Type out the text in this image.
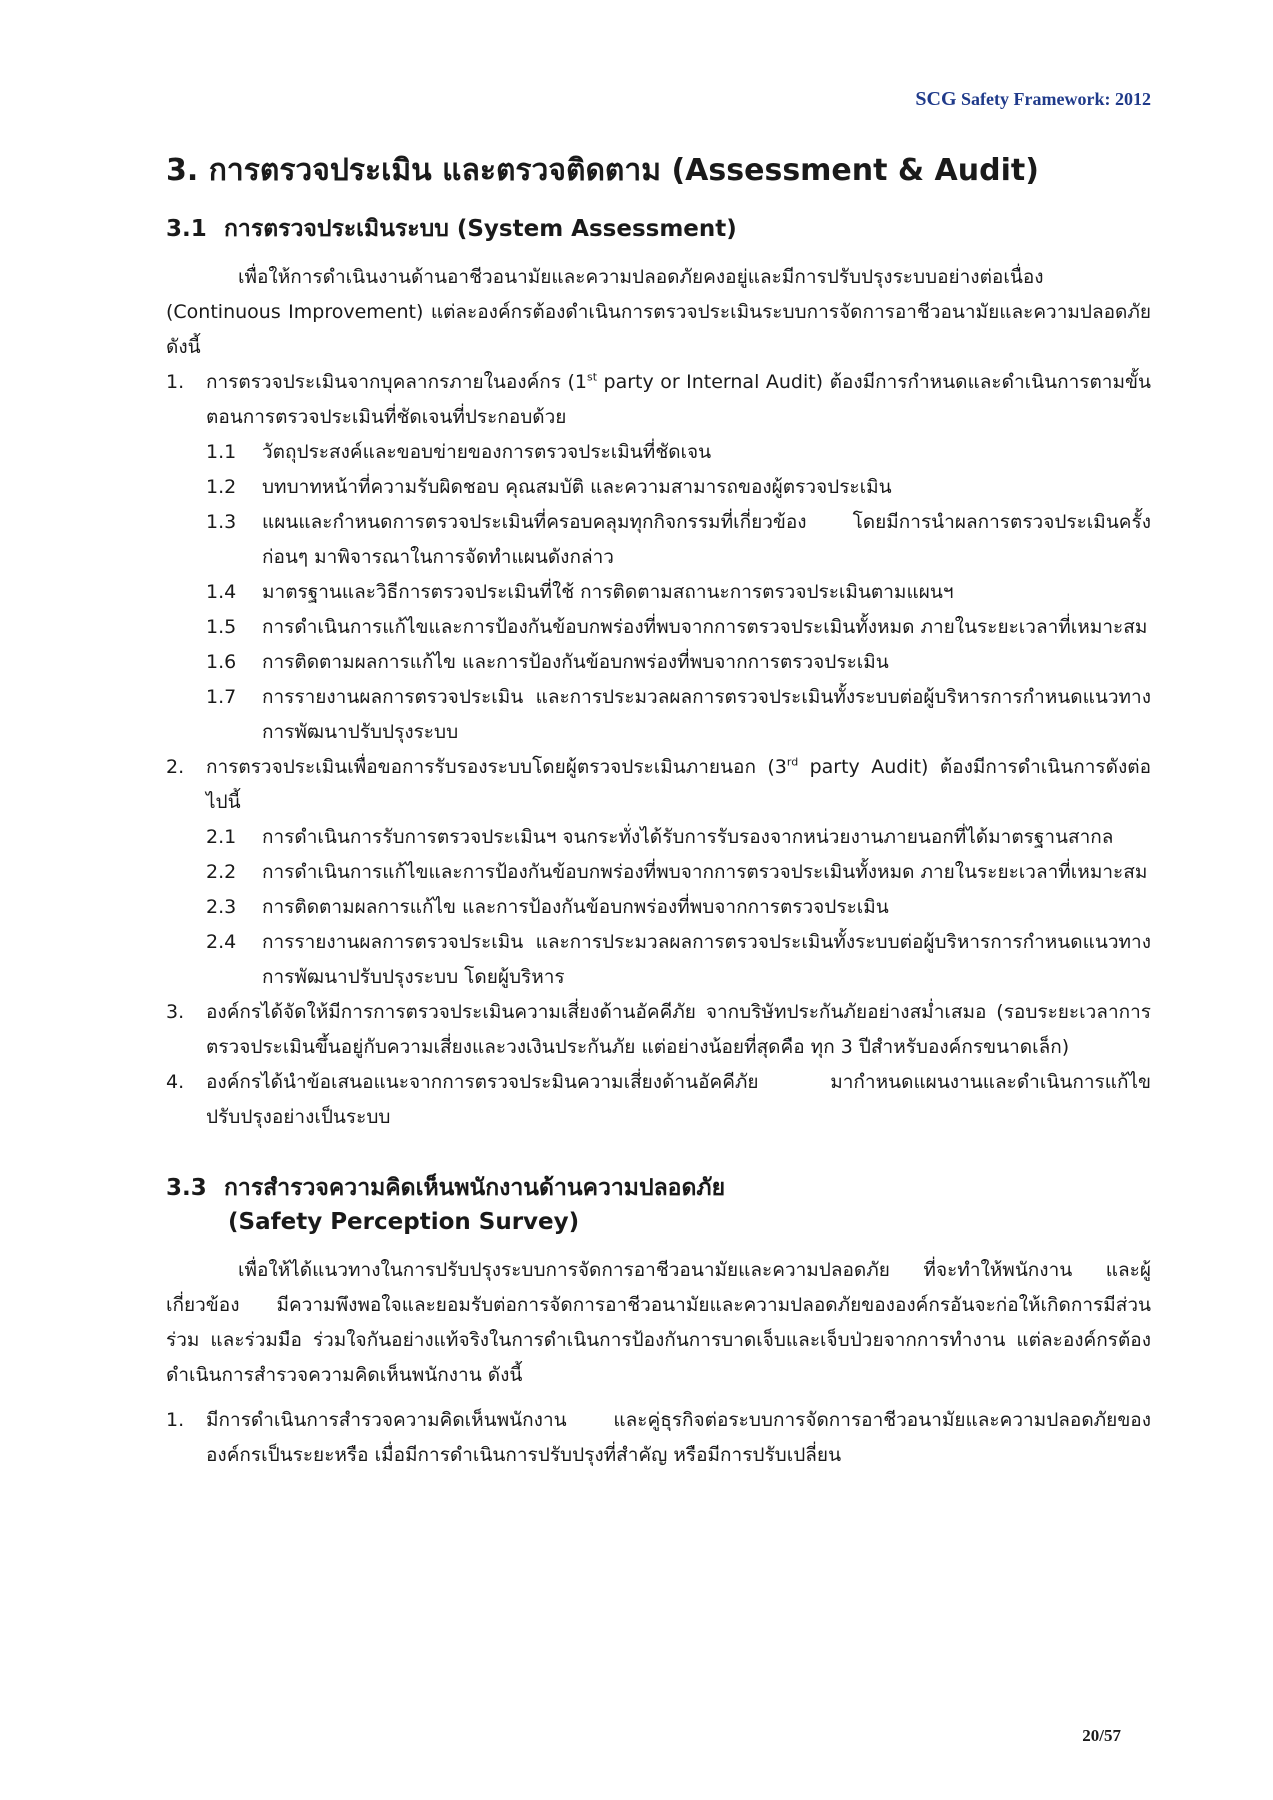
SCG Safety Framework: 2012
3. การตรวจประเมิน และตรวจติดตาม (Assessment & Audit)
3.1 การตรวจประเมินระบบ (System Assessment)

เพื่อให้การดำเนินงานด้านอาชีวอนามัยและความปลอดภัยคงอยู่และมีการปรับปรุงระบบอย่างต่อเนื่อง (Continuous Improvement) แต่ละองค์กรต้องดำเนินการตรวจประเมินระบบการจัดการอาชีวอนามัยและความปลอดภัย ดังนี้

1.	การตรวจประเมินจากบุคลากรภายในองค์กร (1st party or Internal Audit) ต้องมีการกำหนดและดำเนินการตามขั้นตอนการตรวจประเมินที่ชัดเจนที่ประกอบด้วย
1.1	วัตถุประสงค์และขอบข่ายของการตรวจประเมินที่ชัดเจน
1.2	บทบาทหน้าที่ความรับผิดชอบ คุณสมบัติ และความสามารถของผู้ตรวจประเมิน
1.3	แผนและกำหนดการตรวจประเมินที่ครอบคลุมทุกกิจกรรมที่เกี่ยวข้อง โดยมีการนำผลการตรวจประเมินครั้งก่อนๆ มาพิจารณาในการจัดทำแผนดังกล่าว
1.4	มาตรฐานและวิธีการตรวจประเมินที่ใช้ การติดตามสถานะการตรวจประเมินตามแผนฯ
1.5	การดำเนินการแก้ไขและการป้องกันข้อบกพร่องที่พบจากการตรวจประเมินทั้งหมด ภายในระยะเวลาที่เหมาะสม
1.6	การติดตามผลการแก้ไข และการป้องกันข้อบกพร่องที่พบจากการตรวจประเมิน
1.7	การรายงานผลการตรวจประเมิน และการประมวลผลการตรวจประเมินทั้งระบบต่อผู้บริหารการกำหนดแนวทางการพัฒนาปรับปรุงระบบ
2.	การตรวจประเมินเพื่อขอการรับรองระบบโดยผู้ตรวจประเมินภายนอก (3rd party Audit) ต้องมีการดำเนินการดังต่อไปนี้
2.1	การดำเนินการรับการตรวจประเมินฯ จนกระทั่งได้รับการรับรองจากหน่วยงานภายนอกที่ได้มาตรฐานสากล
2.2	การดำเนินการแก้ไขและการป้องกันข้อบกพร่องที่พบจากการตรวจประเมินทั้งหมด ภายในระยะเวลาที่เหมาะสม
2.3	การติดตามผลการแก้ไข และการป้องกันข้อบกพร่องที่พบจากการตรวจประเมิน
2.4	การรายงานผลการตรวจประเมิน และการประมวลผลการตรวจประเมินทั้งระบบต่อผู้บริหารการกำหนดแนวทางการพัฒนาปรับปรุงระบบ โดยผู้บริหาร
3.	องค์กรได้จัดให้มีการการตรวจประเมินความเสี่ยงด้านอัคคีภัย จากบริษัทประกันภัยอย่างสม่ำเสมอ (รอบระยะเวลาการตรวจประเมินขึ้นอยู่กับความเสี่ยงและวงเงินประกันภัย แต่อย่างน้อยที่สุดคือ ทุก 3 ปีสำหรับองค์กรขนาดเล็ก)
4.	องค์กรได้นำข้อเสนอแนะจากการตรวจประมินความเสี่ยงด้านอัคคีภัย มากำหนดแผนงานและดำเนินการแก้ไขปรับปรุงอย่างเป็นระบบ
3.3 การสำรวจความคิดเห็นพนักงานด้านความปลอดภัย
(Safety Perception Survey)

เพื่อให้ได้แนวทางในการปรับปรุงระบบการจัดการอาชีวอนามัยและความปลอดภัย ที่จะทำให้พนักงาน และผู้เกี่ยวข้อง มีความพึงพอใจและยอมรับต่อการจัดการอาชีวอนามัยและความปลอดภัยขององค์กรอันจะก่อให้เกิดการมีส่วนร่วม และร่วมมือ ร่วมใจกันอย่างแท้จริงในการดำเนินการป้องกันการบาดเจ็บและเจ็บป่วยจากการทำงาน แต่ละองค์กรต้องดำเนินการสำรวจความคิดเห็นพนักงาน ดังนี้

1.	มีการดำเนินการสำรวจความคิดเห็นพนักงาน และคู่ธุรกิจต่อระบบการจัดการอาชีวอนามัยและความปลอดภัยขององค์กรเป็นระยะหรือ เมื่อมีการดำเนินการปรับปรุงที่สำคัญ หรือมีการปรับเปลี่ยน
20/57
